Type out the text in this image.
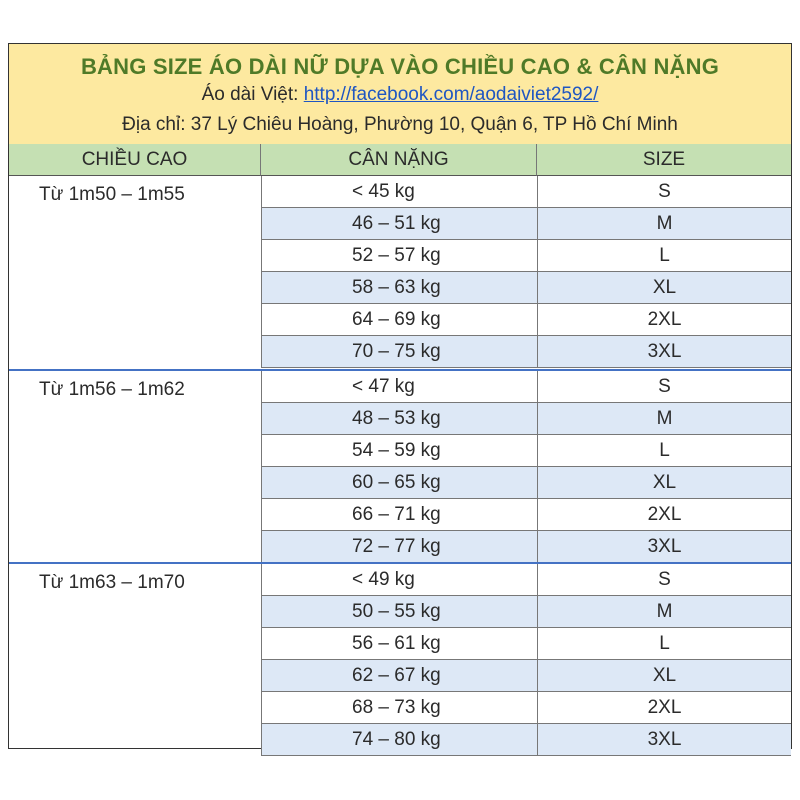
BẢNG SIZE ÁO DÀI NỮ DỰA VÀO CHIỀU CAO & CÂN NẶNG
Áo dài Việt: http://facebook.com/aodaiviet2592/
Địa chỉ: 37 Lý Chiêu Hoàng, Phường 10, Quận 6, TP Hồ Chí Minh
CHIỀU CAO	CÂN NẶNG	SIZE
Từ 1m50 – 1m55	< 45 kg	S
46 – 51 kg	M
52 – 57 kg	L
58 – 63 kg	XL
64 – 69 kg	2XL
70 – 75 kg	3XL
Từ 1m56 – 1m62	< 47 kg	S
48 – 53 kg	M
54 – 59 kg	L
60 – 65 kg	XL
66 – 71 kg	2XL
72 – 77 kg	3XL
Từ 1m63 – 1m70	< 49 kg	S
50 – 55 kg	M
56 – 61 kg	L
62 – 67 kg	XL
68 – 73 kg	2XL
74 – 80 kg	3XL
